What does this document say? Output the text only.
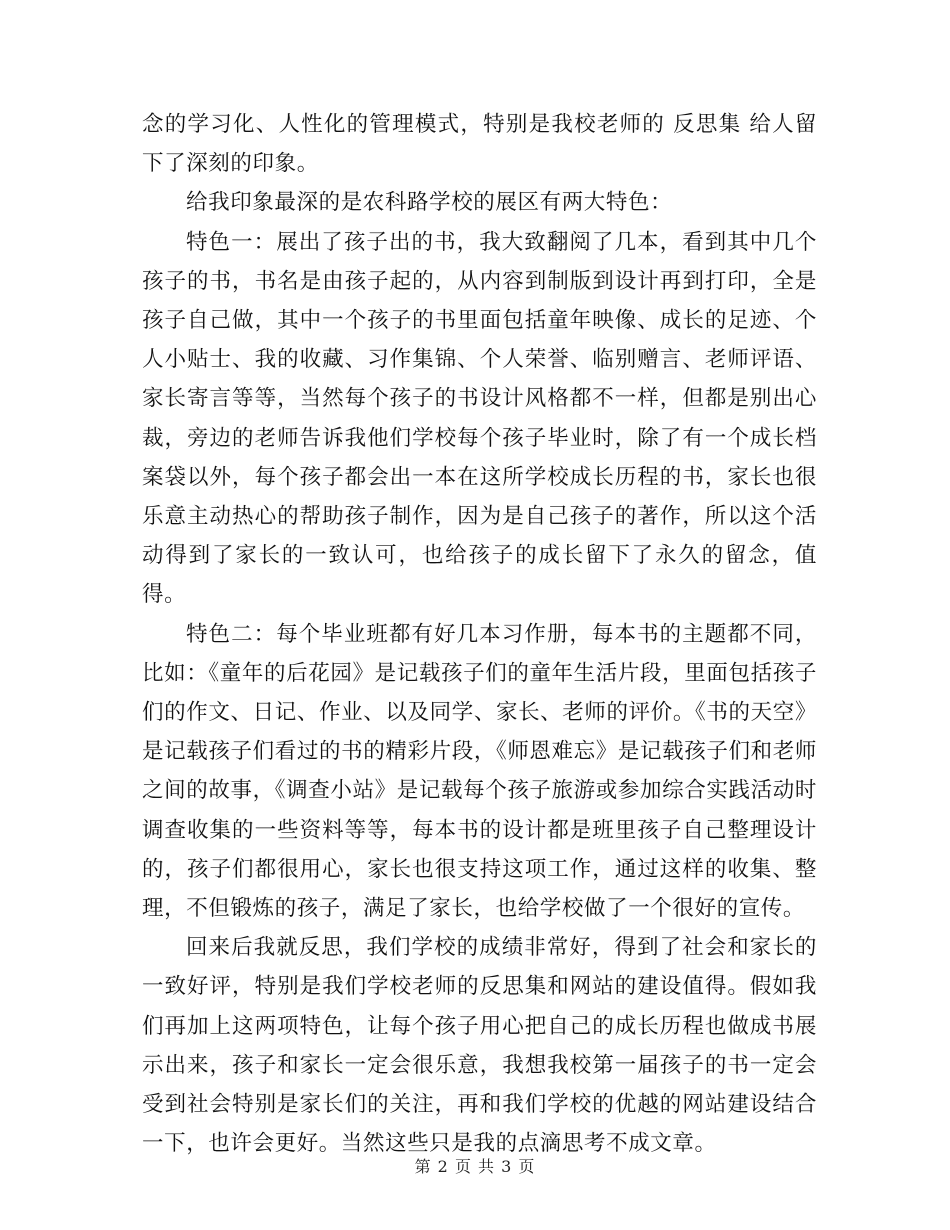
念的学习化、人性化的管理模式，特别是我校老师的 反思集 给人留下了深刻的印象。

给我印象最深的是农科路学校的展区有两大特色：

特色一：展出了孩子出的书，我大致翻阅了几本，看到其中几个孩子的书，书名是由孩子起的，从内容到制版到设计再到打印，全是孩子自己做，其中一个孩子的书里面包括童年映像、成长的足迹、个人小贴士、我的收藏、习作集锦、个人荣誉、临别赠言、老师评语、家长寄言等等，当然每个孩子的书设计风格都不一样，但都是别出心裁，旁边的老师告诉我他们学校每个孩子毕业时，除了有一个成长档案袋以外，每个孩子都会出一本在这所学校成长历程的书，家长也很乐意主动热心的帮助孩子制作，因为是自己孩子的著作，所以这个活动得到了家长的一致认可，也给孩子的成长留下了永久的留念，值得。

特色二：每个毕业班都有好几本习作册，每本书的主题都不同，比如：《童年的后花园》是记载孩子们的童年生活片段，里面包括孩子们的作文、日记、作业、以及同学、家长、老师的评价。《书的天空》是记载孩子们看过的书的精彩片段，《师恩难忘》是记载孩子们和老师之间的故事，《调查小站》是记载每个孩子旅游或参加综合实践活动时调查收集的一些资料等等，每本书的设计都是班里孩子自己整理设计的，孩子们都很用心，家长也很支持这项工作，通过这样的收集、整理，不但锻炼的孩子，满足了家长，也给学校做了一个很好的宣传。

回来后我就反思，我们学校的成绩非常好，得到了社会和家长的一致好评，特别是我们学校老师的反思集和网站的建设值得。假如我们再加上这两项特色，让每个孩子用心把自己的成长历程也做成书展示出来，孩子和家长一定会很乐意，我想我校第一届孩子的书一定会受到社会特别是家长们的关注，再和我们学校的优越的网站建设结合一下，也许会更好。当然这些只是我的点滴思考不成文章。

第 2 页 共 3 页
